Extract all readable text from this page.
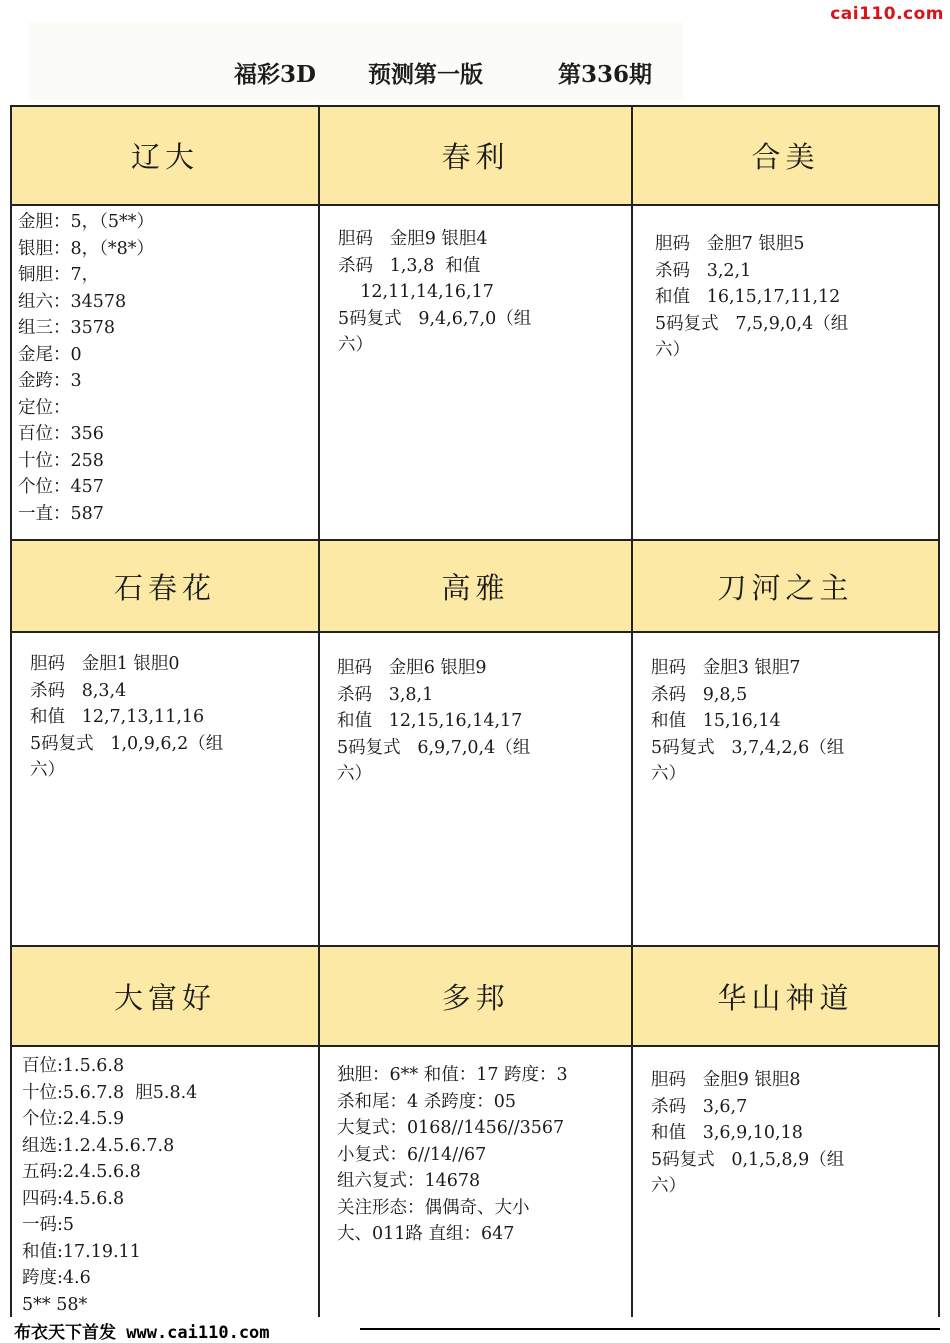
cai110.com
福彩3D 预测第一版	第336期
辽大	春利	合美
金胆：5，（5**）
银胆：8，（*8*）
铜胆：7，
组六：34578
组三：3578
金尾：0
金跨：3
定位：
百位：356
十位：258
个位：457
一直：587
胆码   金胆9 银胆4
杀码   1,3,8  和值
12,11,14,16,17
5码复式   9,4,6,7,0（组
六）
胆码   金胆7 银胆5
杀码   3,2,1
和值   16,15,17,11,12
5码复式   7,5,9,0,4（组
六）
石春花	高雅	刀河之主
胆码   金胆1 银胆0
杀码   8,3,4
和值   12,7,13,11,16
5码复式   1,0,9,6,2（组
六）
胆码   金胆6 银胆9
杀码   3,8,1
和值   12,15,16,14,17
5码复式   6,9,7,0,4（组
六）
胆码   金胆3 银胆7
杀码   9,8,5
和值   15,16,14
5码复式   3,7,4,2,6（组
六）
大富好	多邦	华山神道
百位:1.5.6.8
十位:5.6.7.8  胆5.8.4
个位:2.4.5.9
组选:1.2.4.5.6.7.8
五码:2.4.5.6.8
四码:4.5.6.8
一码:5
和值:17.19.11
跨度:4.6
5** 58*
独胆：6** 和值：17 跨度：3
杀和尾：4 杀跨度：05
大复式：0168//1456//3567
小复式：6//14//67
组六复式：14678
关注形态：偶偶奇、大小
大、011路 直组：647
胆码   金胆9 银胆8
杀码   3,6,7
和值   3,6,9,10,18
5码复式   0,1,5,8,9（组
六）
布衣天下首发 www.cai110.com
